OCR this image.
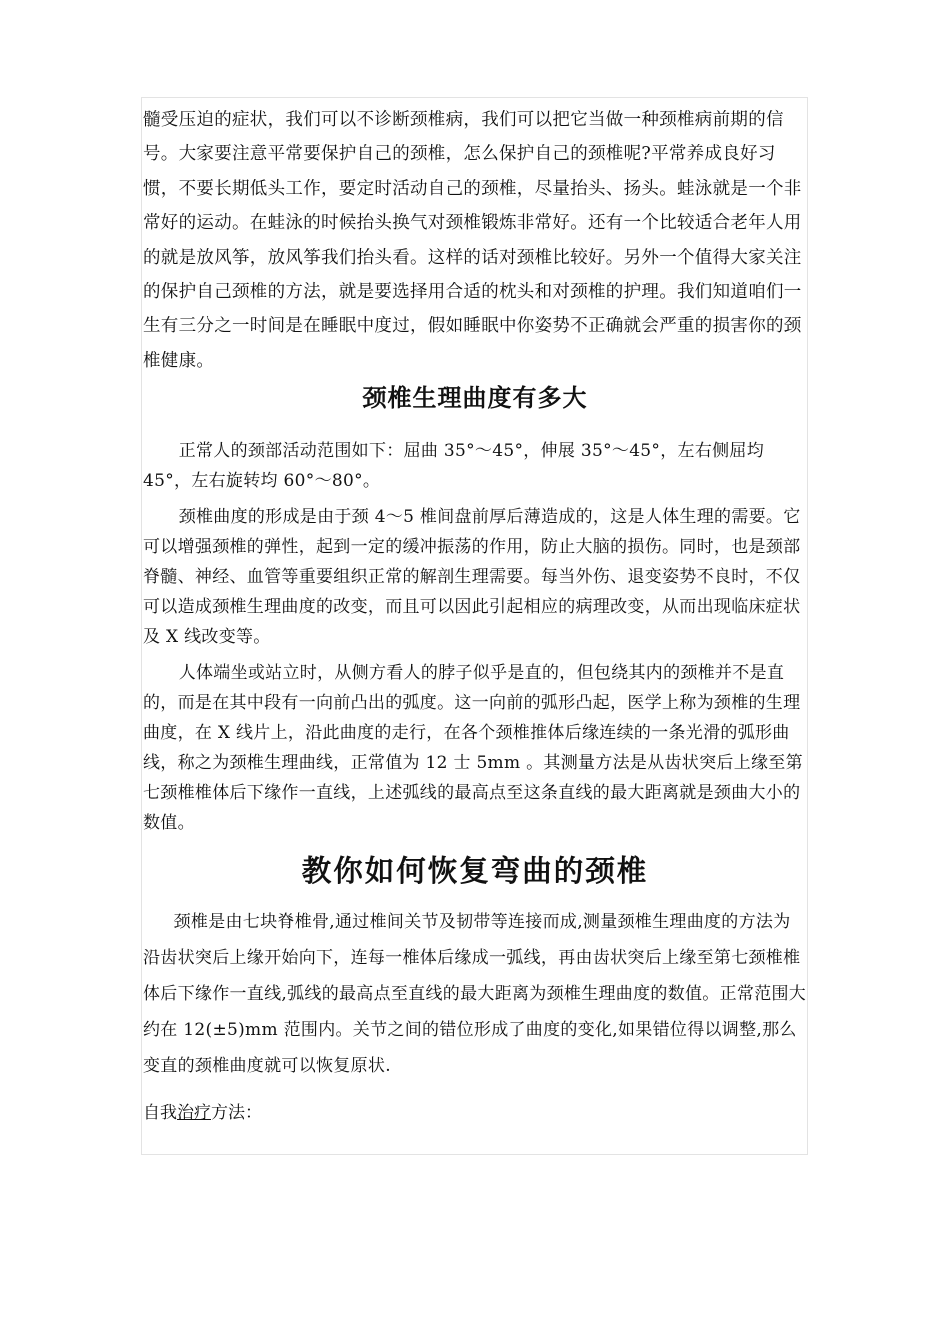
髓受压迫的症状，我们可以不诊断颈椎病，我们可以把它当做一种颈椎病前期的信号。大家要注意平常要保护自己的颈椎，怎么保护自己的颈椎呢?平常养成良好习惯，不要长期低头工作，要定时活动自己的颈椎，尽量抬头、扬头。蛙泳就是一个非常好的运动。在蛙泳的时候抬头换气对颈椎锻炼非常好。还有一个比较适合老年人用的就是放风筝，放风筝我们抬头看。这样的话对颈椎比较好。另外一个值得大家关注的保护自己颈椎的方法，就是要选择用合适的枕头和对颈椎的护理。我们知道咱们一生有三分之一时间是在睡眠中度过，假如睡眠中你姿势不正确就会严重的损害你的颈椎健康。

颈椎生理曲度有多大

正常人的颈部活动范围如下：屈曲 35°～45°，伸展 35°～45°，左右侧屈均 45°，左右旋转均 60°～80°。

颈椎曲度的形成是由于颈 4～5 椎间盘前厚后薄造成的，这是人体生理的需要。它可以增强颈椎的弹性，起到一定的缓冲振荡的作用，防止大脑的损伤。同时，也是颈部脊髓、神经、血管等重要组织正常的解剖生理需要。每当外伤、退变姿势不良时，不仅可以造成颈椎生理曲度的改变，而且可以因此引起相应的病理改变，从而出现临床症状及 X 线改变等。

人体端坐或站立时，从侧方看人的脖子似乎是直的，但包绕其内的颈椎并不是直的，而是在其中段有一向前凸出的弧度。这一向前的弧形凸起，医学上称为颈椎的生理曲度，在 X 线片上，沿此曲度的走行，在各个颈椎推体后缘连续的一条光滑的弧形曲线，称之为颈椎生理曲线，正常值为 12 士 5mm 。其测量方法是从齿状突后上缘至第七颈椎椎体后下缘作一直线，上述弧线的最高点至这条直线的最大距离就是颈曲大小的数值。

教你如何恢复弯曲的颈椎

颈椎是由七块脊椎骨,通过椎间关节及韧带等连接而成,测量颈椎生理曲度的方法为沿齿状突后上缘开始向下，连每一椎体后缘成一弧线，再由齿状突后上缘至第七颈椎椎体后下缘作一直线,弧线的最高点至直线的最大距离为颈椎生理曲度的数值。正常范围大约在 12(±5)mm 范围内。关节之间的错位形成了曲度的变化,如果错位得以调整,那么变直的颈椎曲度就可以恢复原状.

自我治疗方法：
